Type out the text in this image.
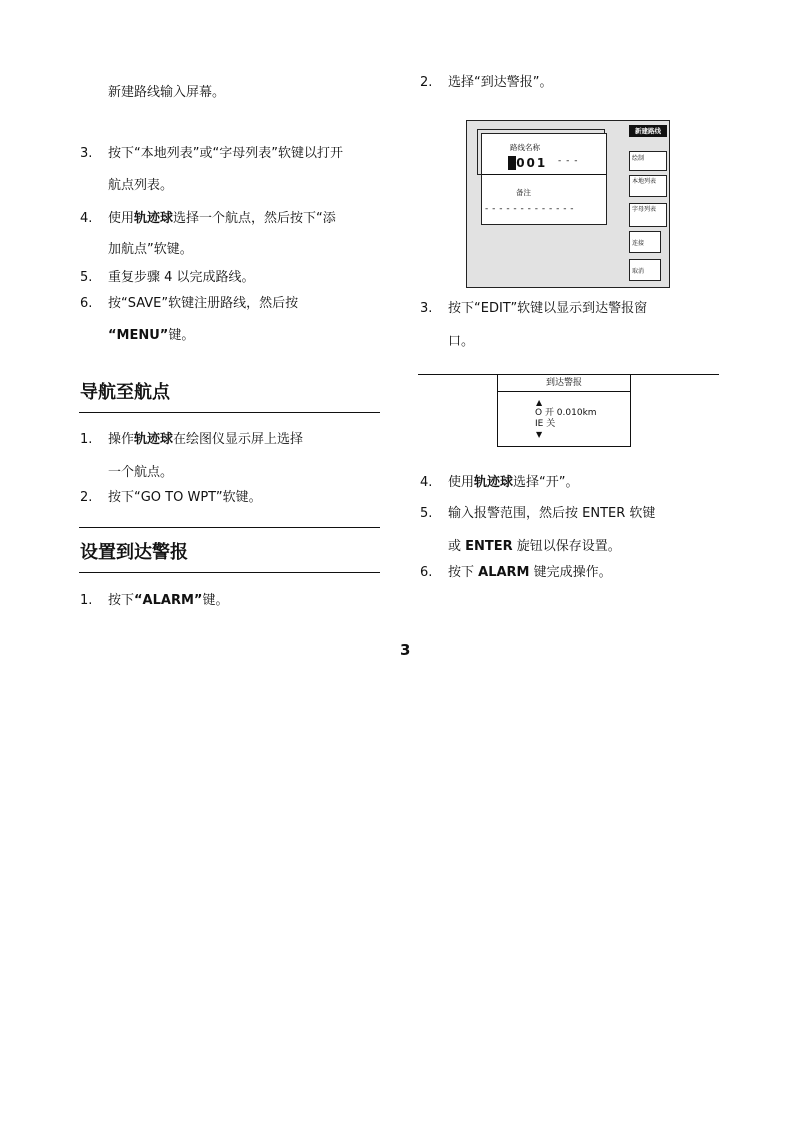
新建路线输入屏幕。
3. 按下“本地列表”或“字母列表”软键以打开
航点列表。
4. 使用轨迹球选择一个航点，然后按下“添
加航点”软键。
5. 重复步骤 4 以完成路线。
6. 按“SAVE”软键注册路线，然后按
“MENU”键。
导航至航点
1. 操作轨迹球在绘图仪显示屏上选择
一个航点。
2. 按下“GO TO WPT”软键。
设置到达警报
1. 按下“ALARM”键。
2. 选择“到达警报”。
路线名称
001 - - -
备注
- - - - - - - - - - - - -
新建路线
绘制
本地列表
字母列表
连接
取消
3. 按下“EDIT”软键以显示到达警报窗
口。
到达警报
▲
O 开 0.010km
IE 关
▼
4. 使用轨迹球选择“开”。
5. 输入报警范围，然后按 ENTER 软键
或 ENTER 旋钮以保存设置。
6. 按下 ALARM 键完成操作。
3
